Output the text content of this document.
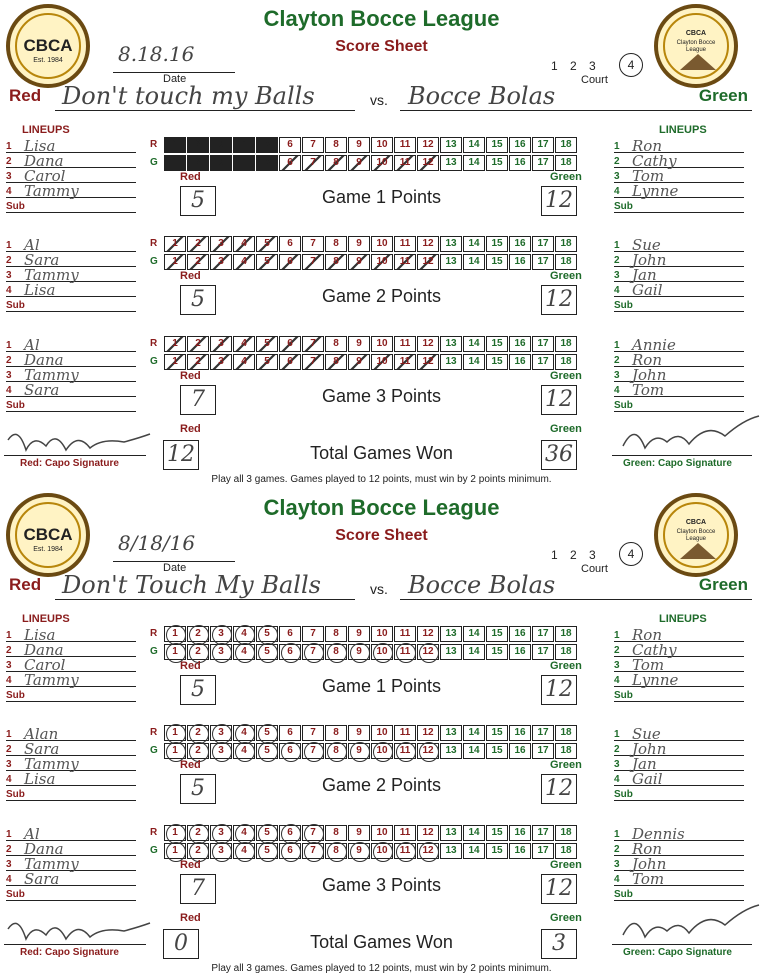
CBCA
Est. 1984
CBCA
Clayton Bocce
League
Clayton Bocce League
Score Sheet
8.18.16
Date
1 2 3	4
Court
Red Don't touch my Balls	vs. Bocce Bolas	Green
LINEUPS	LINEUPS
1 Lisa
2 Dana
3 Carol
4 Tammy
Sub
1 Ron
2 Cathy
3 Tom
4 Lynne
Sub
R	1	2	3	4	5	6	7	8	9	10	11	12	13	14	15	16	17	18
G	1	2	3	4	5	6	7	8	9	10	11	12	13	14	15	16	17	18
Red	Green
5	Game 1 Points	12
1 Al
2 Sara
3 Tammy
4 Lisa
Sub
1 Sue
2 John
3 Jan
4 Gail
Sub
R	1	2	3	4	5	6	7	8	9	10	11	12	13	14	15	16	17	18
G	1	2	3	4	5	6	7	8	9	10	11	12	13	14	15	16	17	18
Red	Green
5	Game 2 Points	12
1 Al
2 Dana
3 Tammy
4 Sara
Sub
1 Annie
2 Ron
3 John
4 Tom
Sub
R	1	2	3	4	5	6	7	8	9	10	11	12	13	14	15	16	17	18
G	1	2	3	4	5	6	7	8	9	10	11	12	13	14	15	16	17	18
Red	Green
7	Game 3 Points	12
Red: Capo Signature	Green: Capo Signature
Red
12	Total Games Won
Green
36
Play all 3 games. Games played to 12 points, must win by 2 points minimum.
CBCA
Est. 1984
CBCA
Clayton Bocce
League
Clayton Bocce League
Score Sheet
8/18/16
Date
1 2 3	4
Court
Red Don't Touch My Balls	vs. Bocce Bolas	Green
LINEUPS	LINEUPS
1 Lisa
2 Dana
3 Carol
4 Tammy
Sub
1 Ron
2 Cathy
3 Tom
4 Lynne
Sub
R	1	2	3	4	5	6	7	8	9	10	11	12	13	14	15	16	17	18
G	1	2	3	4	5	6	7	8	9	10	11	12	13	14	15	16	17	18
Red	Green
5	Game 1 Points	12
1 Alan
2 Sara
3 Tammy
4 Lisa
Sub
1 Sue
2 John
3 Jan
4 Gail
Sub
R	1	2	3	4	5	6	7	8	9	10	11	12	13	14	15	16	17	18
G	1	2	3	4	5	6	7	8	9	10	11	12	13	14	15	16	17	18
Red	Green
5	Game 2 Points	12
1 Al
2 Dana
3 Tammy
4 Sara
Sub
1 Dennis
2 Ron
3 John
4 Tom
Sub
R	1	2	3	4	5	6	7	8	9	10	11	12	13	14	15	16	17	18
G	1	2	3	4	5	6	7	8	9	10	11	12	13	14	15	16	17	18
Red	Green
7	Game 3 Points	12
Red: Capo Signature	Green: Capo Signature
Red
0	Total Games Won
Green
3
Play all 3 games. Games played to 12 points, must win by 2 points minimum.
